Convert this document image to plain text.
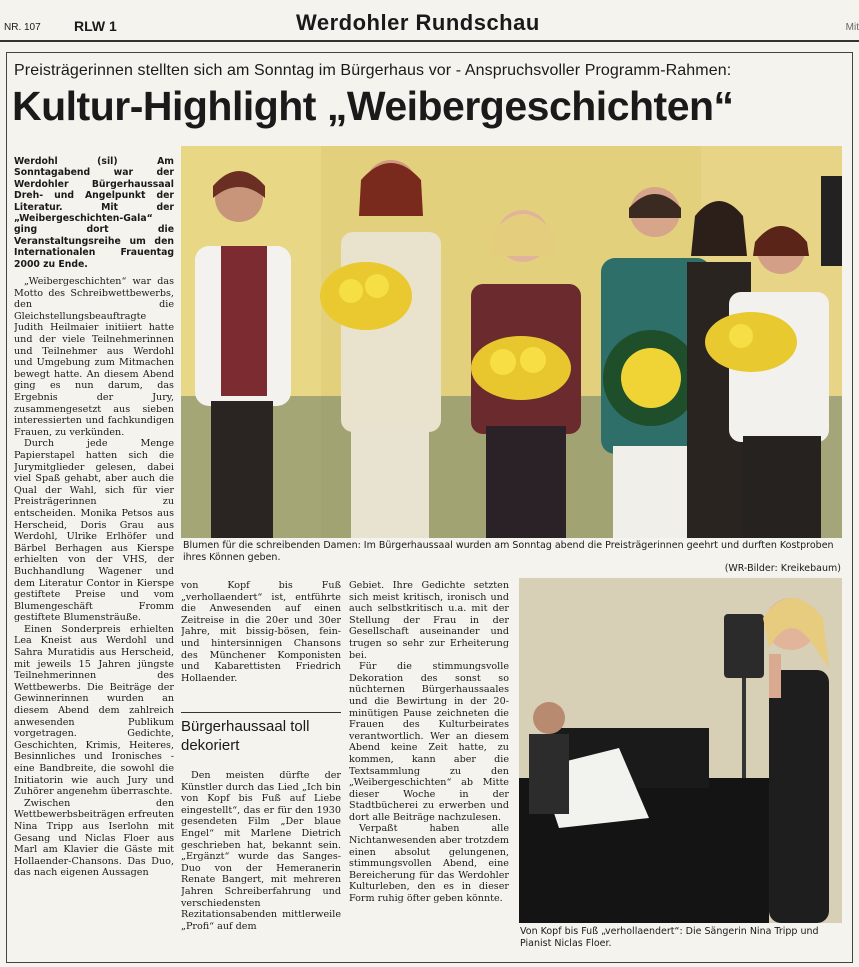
NR. 107 RLW 1	Werdohler Rundschau	Mit
Preisträgerinnen stellten sich am Sonntag im Bürgerhaus vor - Anspruchsvoller Programm-Rahmen:
Kultur-Highlight „Weibergeschichten“

Werdohl (sil) Am Sonntagabend war der Werdohler Bürgerhaussaal Dreh- und Angelpunkt der Literatur. Mit der „Weibergeschichten-Gala“ ging dort die Veranstaltungsreihe um den Internationalen Frauentag 2000 zu Ende.

„Weibergeschichten“ war das Motto des Schreibwettbewerbs, den die Gleichstellungsbeauftragte Judith Heilmaier initiiert hatte und der viele Teilnehmerinnen und Teilnehmer aus Werdohl und Umgebung zum Mitmachen bewegt hatte. An diesem Abend ging es nun darum, das Ergebnis der Jury, zusammengesetzt aus sieben interessierten und fachkundigen Frauen, zu verkünden.

Durch jede Menge Papierstapel hatten sich die Jurymitglieder gelesen, dabei viel Spaß gehabt, aber auch die Qual der Wahl, sich für vier Preisträgerinnen zu entscheiden. Monika Petsos aus Herscheid, Doris Grau aus Werdohl, Ulrike Erlhöfer und Bärbel Berhagen aus Kierspe erhielten von der VHS, der Buchhandlung Wagener und dem Literatur Contor in Kierspe gestiftete Preise und vom Blumengeschäft Fromm gestiftete Blumensträuße.

Einen Sonderpreis erhielten Lea Kneist aus Werdohl und Sahra Muratidis aus Herscheid, mit jeweils 15 Jahren jüngste Teilnehmerinnen des Wettbewerbs. Die Beiträge der Gewinnerinnen wurden an diesem Abend dem zahlreich anwesenden Publikum vorgetragen. Gedichte, Geschichten, Krimis, Heiteres, Besinnliches und Ironisches - eine Bandbreite, die sowohl die Initiatorin wie auch Jury und Zuhörer angenehm überraschte.

Zwischen den Wettbewerbsbeiträgen erfreuten Nina Tripp aus Iserlohn mit Gesang und Niclas Floer aus Marl am Klavier die Gäste mit Hollaender-Chansons. Das Duo, das nach eigenen Aussagen

Blumen für die schreibenden Damen: Im Bürgerhaussaal wurden am Sonntag abend die Preisträgerinnen geehrt und durften Kostproben ihres Können geben.
(WR-Bilder: Kreikebaum)

von Kopf bis Fuß „verhollaendert“ ist, entführte die Anwesenden auf einen Zeitreise in die 20er und 30er Jahre, mit bissig-bösen, fein- und hintersinnigen Chansons des Münchener Komponisten und Kabarettisten Friedrich Hollaender.

Bürgerhaussaal toll dekoriert

Den meisten dürfte der Künstler durch das Lied „Ich bin von Kopf bis Fuß auf Liebe eingestellt“, das er für den 1930 gesendeten Film „Der blaue Engel“ mit Marlene Dietrich geschrieben hat, bekannt sein. „Ergänzt“ wurde das Sanges-Duo von der Hemeranerin Renate Bangert, mit mehreren Jahren Schreiberfahrung und verschiedensten Rezitationsabenden mittlerweile „Profi“ auf dem

Gebiet. Ihre Gedichte setzten sich meist kritisch, ironisch und auch selbstkritisch u.a. mit der Stellung der Frau in der Gesellschaft auseinander und trugen so sehr zur Erheiterung bei.

Für die stimmungsvolle Dekoration des sonst so nüchternen Bürgerhaussaales und die Bewirtung in der 20-minütigen Pause zeichneten die Frauen des Kulturbeirates verantwortlich. Wer an diesem Abend keine Zeit hatte, zu kommen, kann aber die Textsammlung zu den „Weibergeschichten“ ab Mitte dieser Woche in der Stadtbücherei zu erwerben und dort alle Beiträge nachzulesen.

Verpaßt haben alle Nichtanwesenden aber trotzdem einen absolut gelungenen, stimmungsvollen Abend, eine Bereicherung für das Werdohler Kulturleben, den es in dieser Form ruhig öfter geben könnte.

Von Kopf bis Fuß „verhollaendert“: Die Sängerin Nina Tripp und Pianist Niclas Floer.
